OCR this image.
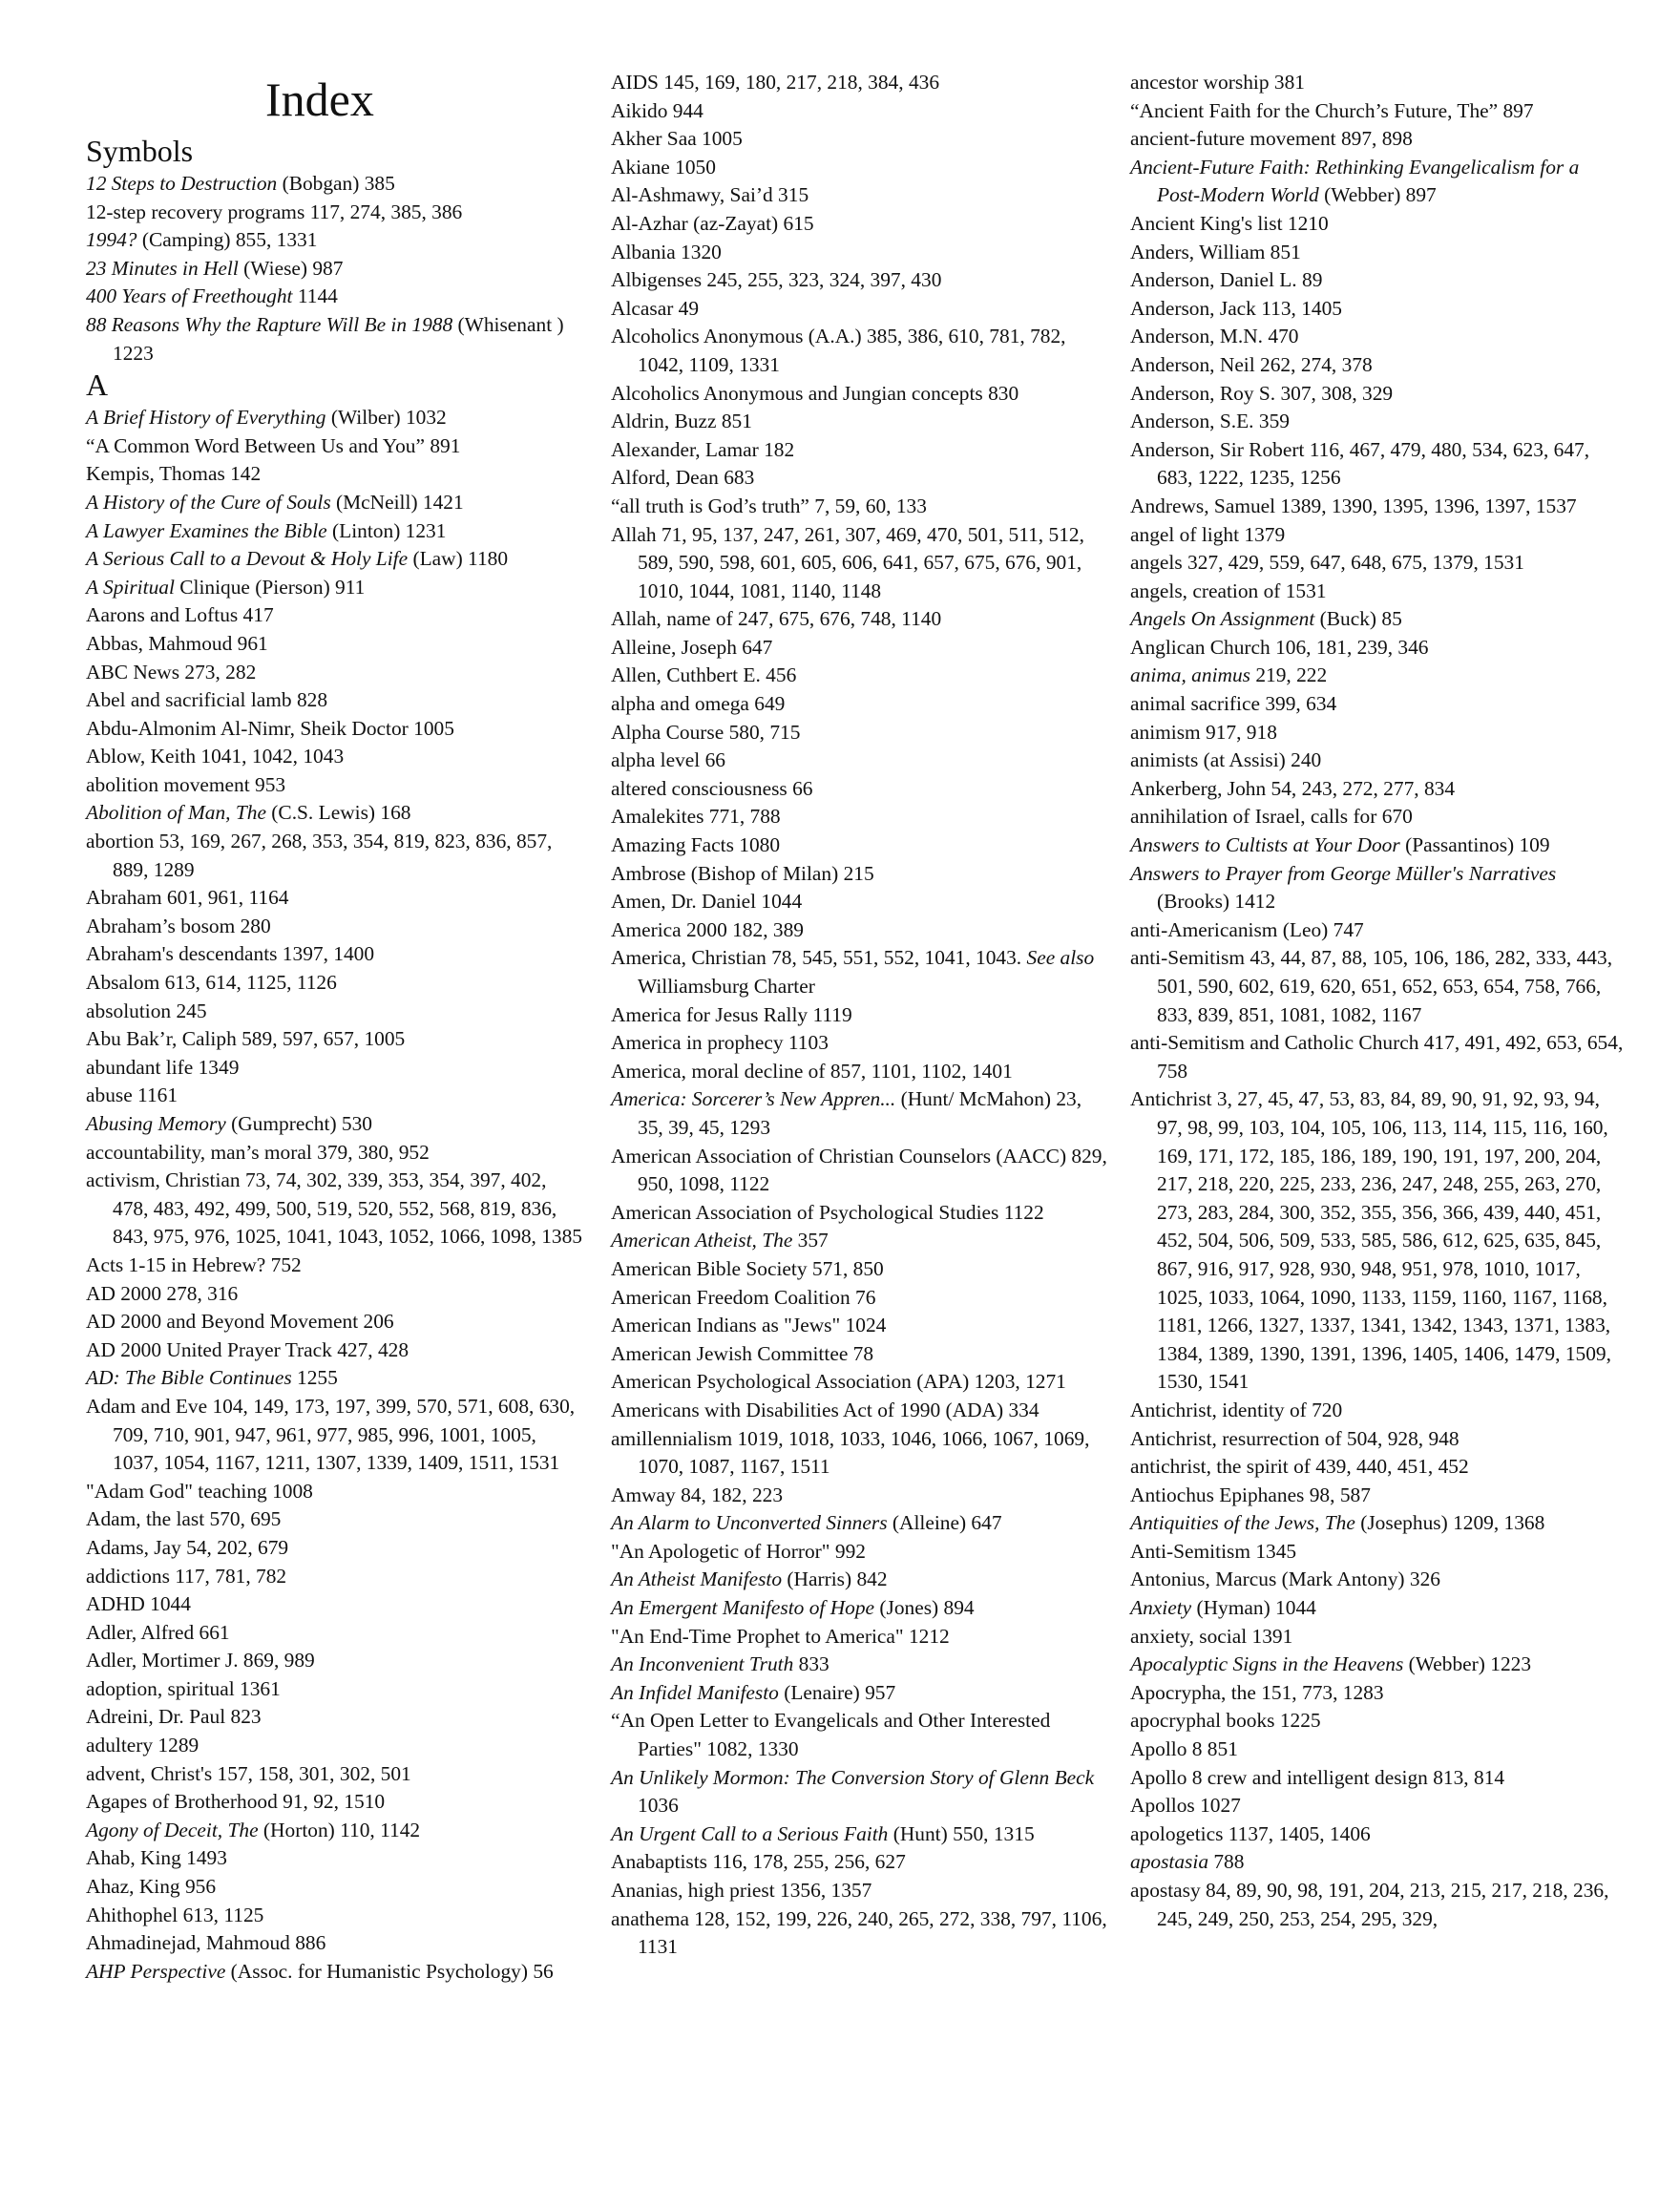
Index
Symbols
12 Steps to Destruction (Bobgan) 385
12-step recovery programs 117, 274, 385, 386
1994? (Camping) 855, 1331
23 Minutes in Hell (Wiese) 987
400 Years of Freethought 1144
88 Reasons Why the Rapture Will Be in 1988 (Whisenant ) 1223
A
A Brief History of Everything (Wilber) 1032
“A Common Word Between Us and You” 891
Kempis, Thomas 142
A History of the Cure of Souls (McNeill) 1421
A Lawyer Examines the Bible (Linton) 1231
A Serious Call to a Devout & Holy Life (Law) 1180
A Spiritual Clinique (Pierson) 911
Aarons and Loftus 417
Abbas, Mahmoud 961
ABC News 273, 282
Abel and sacrificial lamb 828
Abdu-Almonim Al-Nimr, Sheik Doctor 1005
Ablow, Keith 1041, 1042, 1043
abolition movement 953
Abolition of Man, The (C.S. Lewis) 168
abortion 53, 169, 267, 268, 353, 354, 819, 823, 836, 857, 889, 1289
Abraham 601, 961, 1164
Abraham’s bosom 280
Abraham's descendants 1397, 1400
Absalom 613, 614, 1125, 1126
absolution 245
Abu Bak’r, Caliph 589, 597, 657, 1005
abundant life 1349
abuse 1161
Abusing Memory (Gumprecht) 530
accountability, man’s moral 379, 380, 952
activism, Christian 73, 74, 302, 339, 353, 354, 397, 402, 478, 483, 492, 499, 500, 519, 520, 552, 568, 819, 836, 843, 975, 976, 1025, 1041, 1043, 1052, 1066, 1098, 1385
Acts 1-15 in Hebrew? 752
AD 2000 278, 316
AD 2000 and Beyond Movement 206
AD 2000 United Prayer Track 427, 428
AD: The Bible Continues 1255
Adam and Eve 104, 149, 173, 197, 399, 570, 571, 608, 630, 709, 710, 901, 947, 961, 977, 985, 996, 1001, 1005, 1037, 1054, 1167, 1211, 1307, 1339, 1409, 1511, 1531
"Adam God" teaching 1008
Adam, the last 570, 695
Adams, Jay 54, 202, 679
addictions 117, 781, 782
ADHD 1044
Adler, Alfred 661
Adler, Mortimer J. 869, 989
adoption, spiritual 1361
Adreini, Dr. Paul 823
adultery 1289
advent, Christ's 157, 158, 301, 302, 501
Agapes of Brotherhood 91, 92, 1510
Agony of Deceit, The (Horton) 110, 1142
Ahab, King 1493
Ahaz, King 956
Ahithophel 613, 1125
Ahmadinejad, Mahmoud 886
AHP Perspective (Assoc. for Humanistic Psychology) 56
AIDS 145, 169, 180, 217, 218, 384, 436
Aikido 944
Akher Saa 1005
Akiane 1050
Al-Ashmawy, Sai’d 315
Al-Azhar (az-Zayat) 615
Albania 1320
Albigenses 245, 255, 323, 324, 397, 430
Alcasar 49
Alcoholics Anonymous (A.A.) 385, 386, 610, 781, 782, 1042, 1109, 1331
Alcoholics Anonymous and Jungian concepts 830
Aldrin, Buzz 851
Alexander, Lamar 182
Alford, Dean 683
“all truth is God’s truth” 7, 59, 60, 133
Allah 71, 95, 137, 247, 261, 307, 469, 470, 501, 511, 512, 589, 590, 598, 601, 605, 606, 641, 657, 675, 676, 901, 1010, 1044, 1081, 1140, 1148
Allah, name of 247, 675, 676, 748, 1140
Alleine, Joseph 647
Allen, Cuthbert E. 456
alpha and omega 649
Alpha Course 580, 715
alpha level 66
altered consciousness 66
Amalekites 771, 788
Amazing Facts 1080
Ambrose (Bishop of Milan) 215
Amen, Dr. Daniel 1044
America 2000 182, 389
America, Christian 78, 545, 551, 552, 1041, 1043. See also Williamsburg Charter
America for Jesus Rally 1119
America in prophecy 1103
America, moral decline of 857, 1101, 1102, 1401
America: Sorcerer’s New Appren... (Hunt/ McMahon) 23, 35, 39, 45, 1293
American Association of Christian Counselors (AACC) 829, 950, 1098, 1122
American Association of Psychological Studies 1122
American Atheist, The 357
American Bible Society 571, 850
American Freedom Coalition 76
American Indians as "Jews" 1024
American Jewish Committee 78
American Psychological Association (APA) 1203, 1271
Americans with Disabilities Act of 1990 (ADA) 334
amillennialism 1019, 1018, 1033, 1046, 1066, 1067, 1069, 1070, 1087, 1167, 1511
Amway 84, 182, 223
An Alarm to Unconverted Sinners (Alleine) 647
"An Apologetic of Horror" 992
An Atheist Manifesto (Harris) 842
An Emergent Manifesto of Hope (Jones) 894
"An End-Time Prophet to America" 1212
An Inconvenient Truth 833
An Infidel Manifesto (Lenaire) 957
“An Open Letter to Evangelicals and Other Interested Parties" 1082, 1330
An Unlikely Mormon: The Conversion Story of Glenn Beck 1036
An Urgent Call to a Serious Faith (Hunt) 550, 1315
Anabaptists 116, 178, 255, 256, 627
Ananias, high priest 1356, 1357
anathema 128, 152, 199, 226, 240, 265, 272, 338, 797, 1106, 1131
ancestor worship 381
“Ancient Faith for the Church’s Future, The” 897
ancient-future movement 897, 898
Ancient-Future Faith: Rethinking Evangelicalism for a Post-Modern World (Webber) 897
Ancient King's list 1210
Anders, William 851
Anderson, Daniel L. 89
Anderson, Jack 113, 1405
Anderson, M.N. 470
Anderson, Neil 262, 274, 378
Anderson, Roy S. 307, 308, 329
Anderson, S.E. 359
Anderson, Sir Robert 116, 467, 479, 480, 534, 623, 647, 683, 1222, 1235, 1256
Andrews, Samuel 1389, 1390, 1395, 1396, 1397, 1537
angel of light 1379
angels 327, 429, 559, 647, 648, 675, 1379, 1531
angels, creation of 1531
Angels On Assignment (Buck) 85
Anglican Church 106, 181, 239, 346
anima, animus 219, 222
animal sacrifice 399, 634
animism 917, 918
animists (at Assisi) 240
Ankerberg, John 54, 243, 272, 277, 834
annihilation of Israel, calls for 670
Answers to Cultists at Your Door (Passantinos) 109
Answers to Prayer from George Müller's Narratives (Brooks) 1412
anti-Americanism (Leo) 747
anti-Semitism 43, 44, 87, 88, 105, 106, 186, 282, 333, 443, 501, 590, 602, 619, 620, 651, 652, 653, 654, 758, 766, 833, 839, 851, 1081, 1082, 1167
anti-Semitism and Catholic Church 417, 491, 492, 653, 654, 758
Antichrist 3, 27, 45, 47, 53, 83, 84, 89, 90, 91, 92, 93, 94, 97, 98, 99, 103, 104, 105, 106, 113, 114, 115, 116, 160, 169, 171, 172, 185, 186, 189, 190, 191, 197, 200, 204, 217, 218, 220, 225, 233, 236, 247, 248, 255, 263, 270, 273, 283, 284, 300, 352, 355, 356, 366, 439, 440, 451, 452, 504, 506, 509, 533, 585, 586, 612, 625, 635, 845, 867, 916, 917, 928, 930, 948, 951, 978, 1010, 1017, 1025, 1033, 1064, 1090, 1133, 1159, 1160, 1167, 1168, 1181, 1266, 1327, 1337, 1341, 1342, 1343, 1371, 1383, 1384, 1389, 1390, 1391, 1396, 1405, 1406, 1479, 1509, 1530, 1541
Antichrist, identity of 720
Antichrist, resurrection of 504, 928, 948
antichrist, the spirit of 439, 440, 451, 452
Antiochus Epiphanes 98, 587
Antiquities of the Jews, The (Josephus) 1209, 1368
Anti-Semitism 1345
Antonius, Marcus (Mark Antony) 326
Anxiety (Hyman) 1044
anxiety, social 1391
Apocalyptic Signs in the Heavens (Webber) 1223
Apocrypha, the 151, 773, 1283
apocryphal books 1225
Apollo 8 851
Apollo 8 crew and intelligent design 813, 814
Apollos 1027
apologetics 1137, 1405, 1406
apostasia 788
apostasy 84, 89, 90, 98, 191, 204, 213, 215, 217, 218, 236, 245, 249, 250, 253, 254, 295, 329,
